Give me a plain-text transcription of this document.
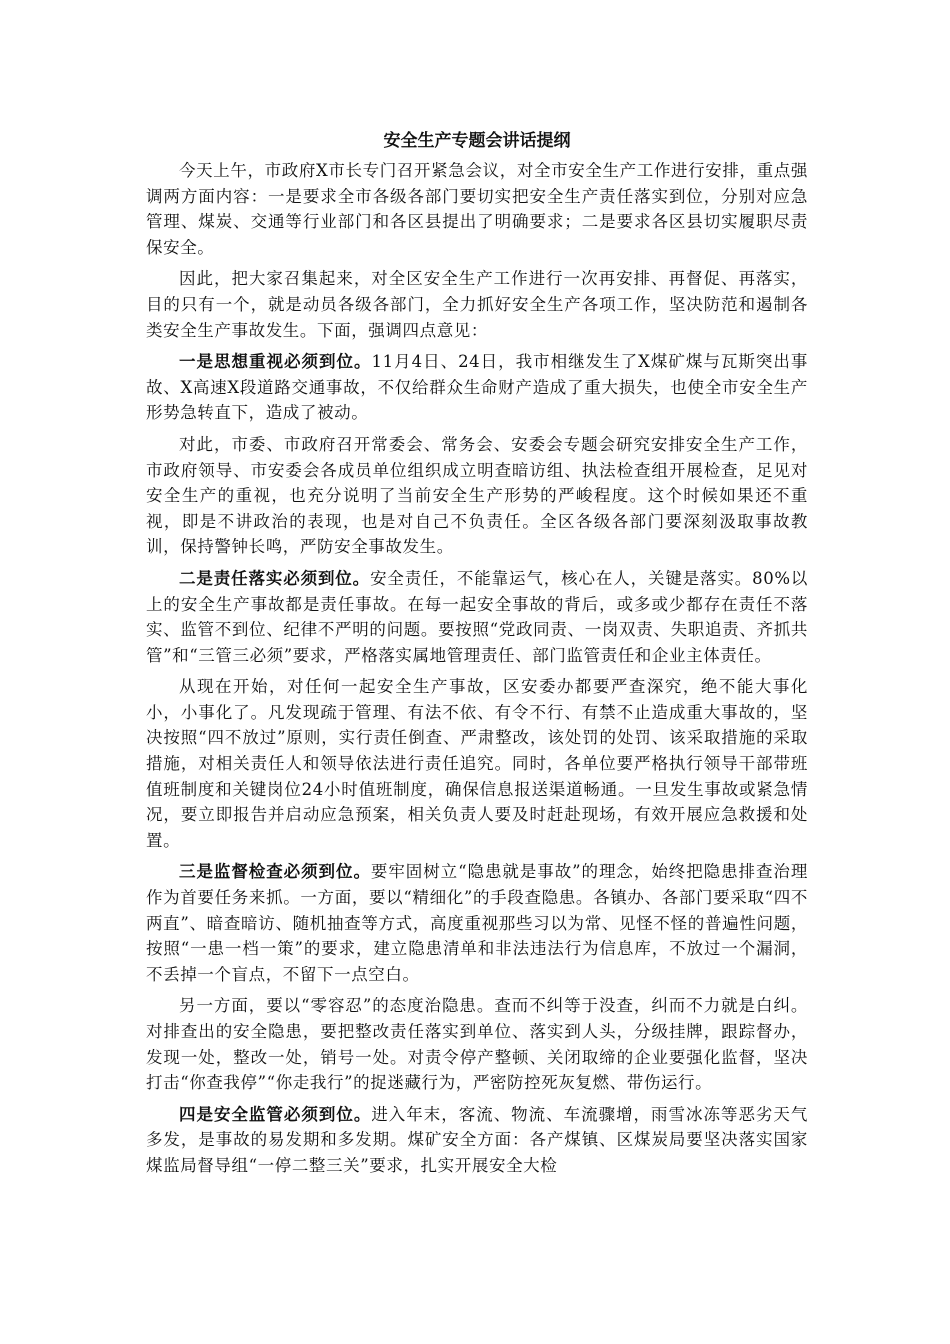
安全生产专题会讲话提纲

今天上午，市政府X市长专门召开紧急会议，对全市安全生产工作进行安排，重点强调两方面内容：一是要求全市各级各部门要切实把安全生产责任落实到位，分别对应急管理、煤炭、交通等行业部门和各区县提出了明确要求；二是要求各区县切实履职尽责保安全。

因此，把大家召集起来，对全区安全生产工作进行一次再安排、再督促、再落实，目的只有一个，就是动员各级各部门，全力抓好安全生产各项工作，坚决防范和遏制各类安全生产事故发生。下面，强调四点意见：

一是思想重视必须到位。11月4日、24日，我市相继发生了X煤矿煤与瓦斯突出事故、X高速X段道路交通事故，不仅给群众生命财产造成了重大损失，也使全市安全生产形势急转直下，造成了被动。

对此，市委、市政府召开常委会、常务会、安委会专题会研究安排安全生产工作，市政府领导、市安委会各成员单位组织成立明查暗访组、执法检查组开展检查，足见对安全生产的重视，也充分说明了当前安全生产形势的严峻程度。这个时候如果还不重视，即是不讲政治的表现，也是对自己不负责任。全区各级各部门要深刻汲取事故教训，保持警钟长鸣，严防安全事故发生。

二是责任落实必须到位。安全责任，不能靠运气，核心在人，关键是落实。80%以上的安全生产事故都是责任事故。在每一起安全事故的背后，或多或少都存在责任不落实、监管不到位、纪律不严明的问题。要按照“党政同责、一岗双责、失职追责、齐抓共管”和“三管三必须”要求，严格落实属地管理责任、部门监管责任和企业主体责任。

从现在开始，对任何一起安全生产事故，区安委办都要严查深究，绝不能大事化小，小事化了。凡发现疏于管理、有法不依、有令不行、有禁不止造成重大事故的，坚决按照“四不放过”原则，实行责任倒查、严肃整改，该处罚的处罚、该采取措施的采取措施，对相关责任人和领导依法进行责任追究。同时，各单位要严格执行领导干部带班值班制度和关键岗位24小时值班制度，确保信息报送渠道畅通。一旦发生事故或紧急情况，要立即报告并启动应急预案，相关负责人要及时赶赴现场，有效开展应急救援和处置。

三是监督检查必须到位。要牢固树立“隐患就是事故”的理念，始终把隐患排查治理作为首要任务来抓。一方面，要以“精细化”的手段查隐患。各镇办、各部门要采取“四不两直”、暗查暗访、随机抽查等方式，高度重视那些习以为常、见怪不怪的普遍性问题，按照“一患一档一策”的要求，建立隐患清单和非法违法行为信息库，不放过一个漏洞，不丢掉一个盲点，不留下一点空白。

另一方面，要以“零容忍”的态度治隐患。查而不纠等于没查，纠而不力就是白纠。对排查出的安全隐患，要把整改责任落实到单位、落实到人头，分级挂牌，跟踪督办，发现一处，整改一处，销号一处。对责令停产整顿、关闭取缔的企业要强化监督，坚决打击“你查我停”“你走我行”的捉迷藏行为，严密防控死灰复燃、带伤运行。

四是安全监管必须到位。进入年末，客流、物流、车流骤增，雨雪冰冻等恶劣天气多发，是事故的易发期和多发期。煤矿安全方面：各产煤镇、区煤炭局要坚决落实国家煤监局督导组“一停二整三关”要求，扎实开展安全大检
